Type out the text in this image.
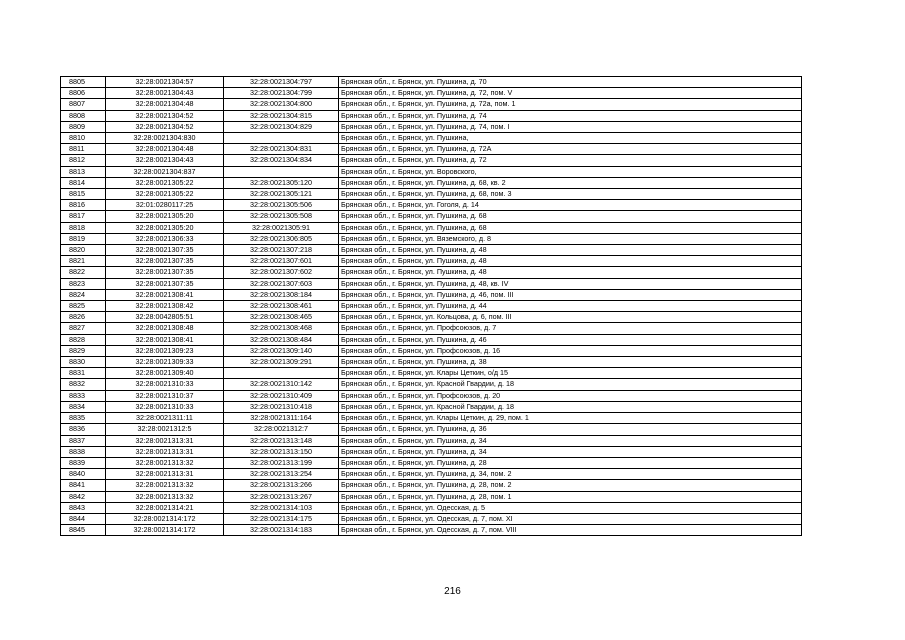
8805	32:28:0021304:57	32:28:0021304:797	Брянская обл., г. Брянск, ул. Пушкина, д. 70
8806	32:28:0021304:43	32:28:0021304:799	Брянская обл., г. Брянск, ул. Пушкина, д. 72, пом. V
8807	32:28:0021304:48	32:28:0021304:800	Брянская обл., г. Брянск, ул. Пушкина, д. 72а, пом. 1
8808	32:28:0021304:52	32:28:0021304:815	Брянская обл., г. Брянск, ул. Пушкина, д. 74
8809	32:28:0021304:52	32:28:0021304:829	Брянская обл., г. Брянск, ул. Пушкина, д. 74, пом. I
8810	32:28:0021304:830		Брянская обл., г. Брянск, ул. Пушкина,
8811	32:28:0021304:48	32:28:0021304:831	Брянская обл., г. Брянск, ул. Пушкина, д. 72А
8812	32:28:0021304:43	32:28:0021304:834	Брянская обл., г. Брянск, ул. Пушкина, д. 72
8813	32:28:0021304:837		Брянская обл., г. Брянск, ул. Воровского,
8814	32:28:0021305:22	32:28:0021305:120	Брянская обл., г. Брянск, ул. Пушкина, д. 68, кв. 2
8815	32:28:0021305:22	32:28:0021305:121	Брянская обл., г. Брянск, ул. Пушкина, д. 68, пом. 3
8816	32:01:0280117:25	32:28:0021305:506	Брянская обл., г. Брянск, ул. Гоголя, д. 14
8817	32:28:0021305:20	32:28:0021305:508	Брянская обл., г. Брянск, ул. Пушкина, д. 68
8818	32:28:0021305:20	32:28:0021305:91	Брянская обл., г. Брянск, ул. Пушкина, д. 68
8819	32:28:0021306:33	32:28:0021306:805	Брянская обл., г. Брянск, ул. Вяземского, д. 8
8820	32:28:0021307:35	32:28:0021307:218	Брянская обл., г. Брянск, ул. Пушкина, д. 48
8821	32:28:0021307:35	32:28:0021307:601	Брянская обл., г. Брянск, ул. Пушкина, д. 48
8822	32:28:0021307:35	32:28:0021307:602	Брянская обл., г. Брянск, ул. Пушкина, д. 48
8823	32:28:0021307:35	32:28:0021307:603	Брянская обл., г. Брянск, ул. Пушкина, д. 48, кв. IV
8824	32:28:0021308:41	32:28:0021308:184	Брянская обл., г. Брянск, ул. Пушкина, д. 46, пом. III
8825	32:28:0021308:42	32:28:0021308:461	Брянская обл., г. Брянск, ул. Пушкина, д. 44
8826	32:28:0042805:51	32:28:0021308:465	Брянская обл., г. Брянск, ул. Кольцова, д. 6, пом. III
8827	32:28:0021308:48	32:28:0021308:468	Брянская обл., г. Брянск, ул. Профсоюзов, д. 7
8828	32:28:0021308:41	32:28:0021308:484	Брянская обл., г. Брянск, ул. Пушкина, д. 46
8829	32:28:0021309:23	32:28:0021309:140	Брянская обл., г. Брянск, ул. Профсоюзов, д. 16
8830	32:28:0021309:33	32:28:0021309:291	Брянская обл., г. Брянск, ул. Пушкина, д. 38
8831	32:28:0021309:40		Брянская обл., г. Брянск, ул. Клары Цеткин, о/д 15
8832	32:28:0021310:33	32:28:0021310:142	Брянская обл., г. Брянск, ул. Красной Гвардии, д. 18
8833	32:28:0021310:37	32:28:0021310:409	Брянская обл., г. Брянск, ул. Профсоюзов, д. 20
8834	32:28:0021310:33	32:28:0021310:418	Брянская обл., г. Брянск, ул. Красной Гвардии, д. 18
8835	32:28:0021311:11	32:28:0021311:164	Брянская обл., г. Брянск, ул. Клары Цеткин, д. 29, пом. 1
8836	32:28:0021312:5	32:28:0021312:7	Брянская обл., г. Брянск, ул. Пушкина, д. 36
8837	32:28:0021313:31	32:28:0021313:148	Брянская обл., г. Брянск, ул. Пушкина, д. 34
8838	32:28:0021313:31	32:28:0021313:150	Брянская обл., г. Брянск, ул. Пушкина, д. 34
8839	32:28:0021313:32	32:28:0021313:199	Брянская обл., г. Брянск, ул. Пушкина, д. 28
8840	32:28:0021313:31	32:28:0021313:254	Брянская обл., г. Брянск, ул. Пушкина, д. 34, пом. 2
8841	32:28:0021313:32	32:28:0021313:266	Брянская обл., г. Брянск, ул. Пушкина, д. 28, пом. 2
8842	32:28:0021313:32	32:28:0021313:267	Брянская обл., г. Брянск, ул. Пушкина, д. 28, пом. 1
8843	32:28:0021314:21	32:28:0021314:103	Брянская обл., г. Брянск, ул. Одесская, д. 5
8844	32:28:0021314:172	32:28:0021314:175	Брянская обл., г. Брянск, ул. Одесская, д. 7, пом. XI
8845	32:28:0021314:172	32:28:0021314:183	Брянская обл., г. Брянск, ул. Одесская, д. 7, пом. VIII
216
